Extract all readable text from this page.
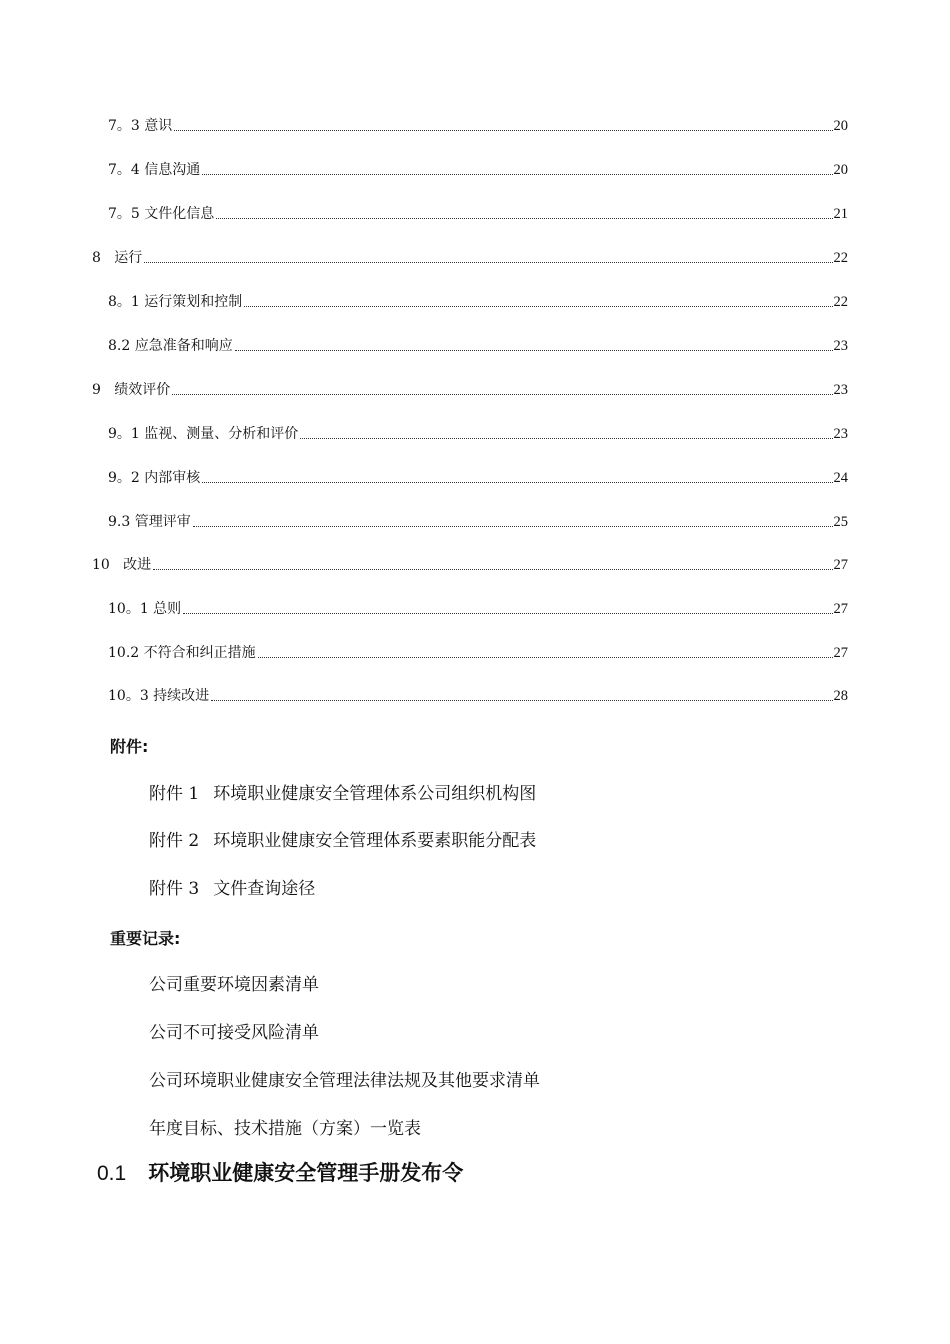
7。3 意识	20
7。4 信息沟通	20
7。5 文件化信息	21
8   运行	22
8。1 运行策划和控制	22
8.2 应急准备和响应	23
9   绩效评价	23
9。1 监视、测量、分析和评价	23
9。2 内部审核	24
9.3 管理评审	25
10   改进	27
10。1 总则	27
10.2 不符合和纠正措施	27
10。3 持续改进	28
附件:
附件 1 环境职业健康安全管理体系公司组织机构图
附件 2 环境职业健康安全管理体系要素职能分配表
附件 3 文件查询途径
重要记录:
公司重要环境因素清单
公司不可接受风险清单
公司环境职业健康安全管理法律法规及其他要求清单
年度目标、技术措施（方案）一览表
0.1 环境职业健康安全管理手册发布令
